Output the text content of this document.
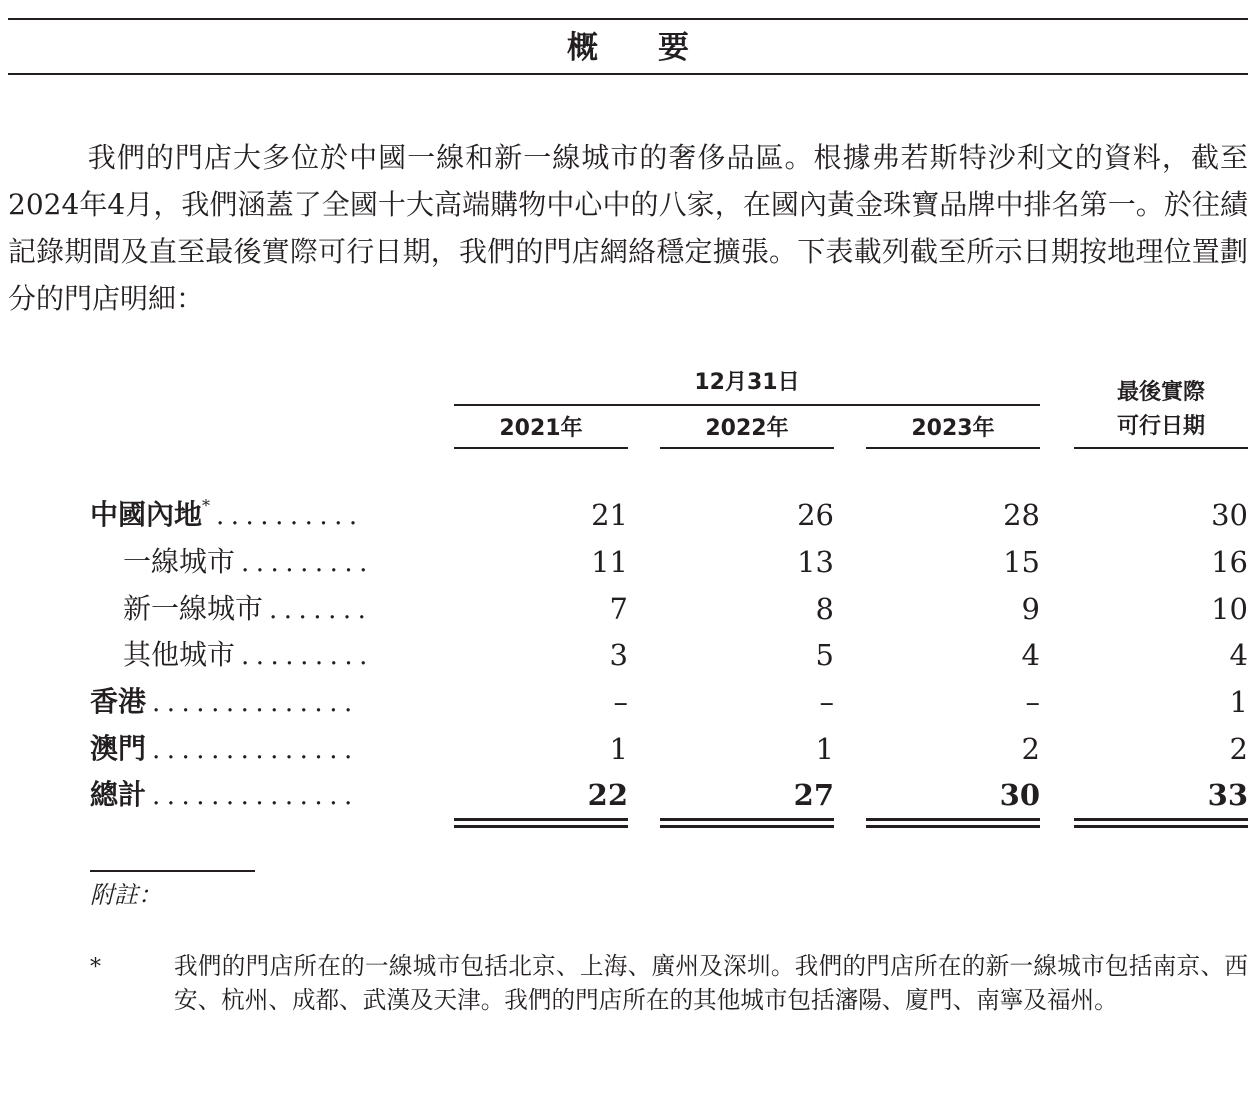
概要
我們的門店大多位於中國一線和新一線城市的奢侈品區。根據弗若斯特沙利文的資料，截至2024年4月，我們涵蓋了全國十大高端購物中心中的八家，在國內黃金珠寶品牌中排名第一。於往績記錄期間及直至最後實際可行日期，我們的門店網絡穩定擴張。下表載列截至所示日期按地理位置劃分的門店明細：
12月31日
2021年	2022年	2023年
最後實際
可行日期
中國內地* ..........	21	26	28	30
一線城市 .........	11	13	15	16
新一線城市 .......	7	8	9	10
其他城市 .........	3	5	4	4
香港 ..............	–	–	–	1
澳門 ..............	1	1	2	2
總計 ..............	22	27	30	33
附註：
*	我們的門店所在的一線城市包括北京、上海、廣州及深圳。我們的門店所在的新一線城市包括南京、西安、杭州、成都、武漢及天津。我們的門店所在的其他城市包括瀋陽、廈門、南寧及福州。
